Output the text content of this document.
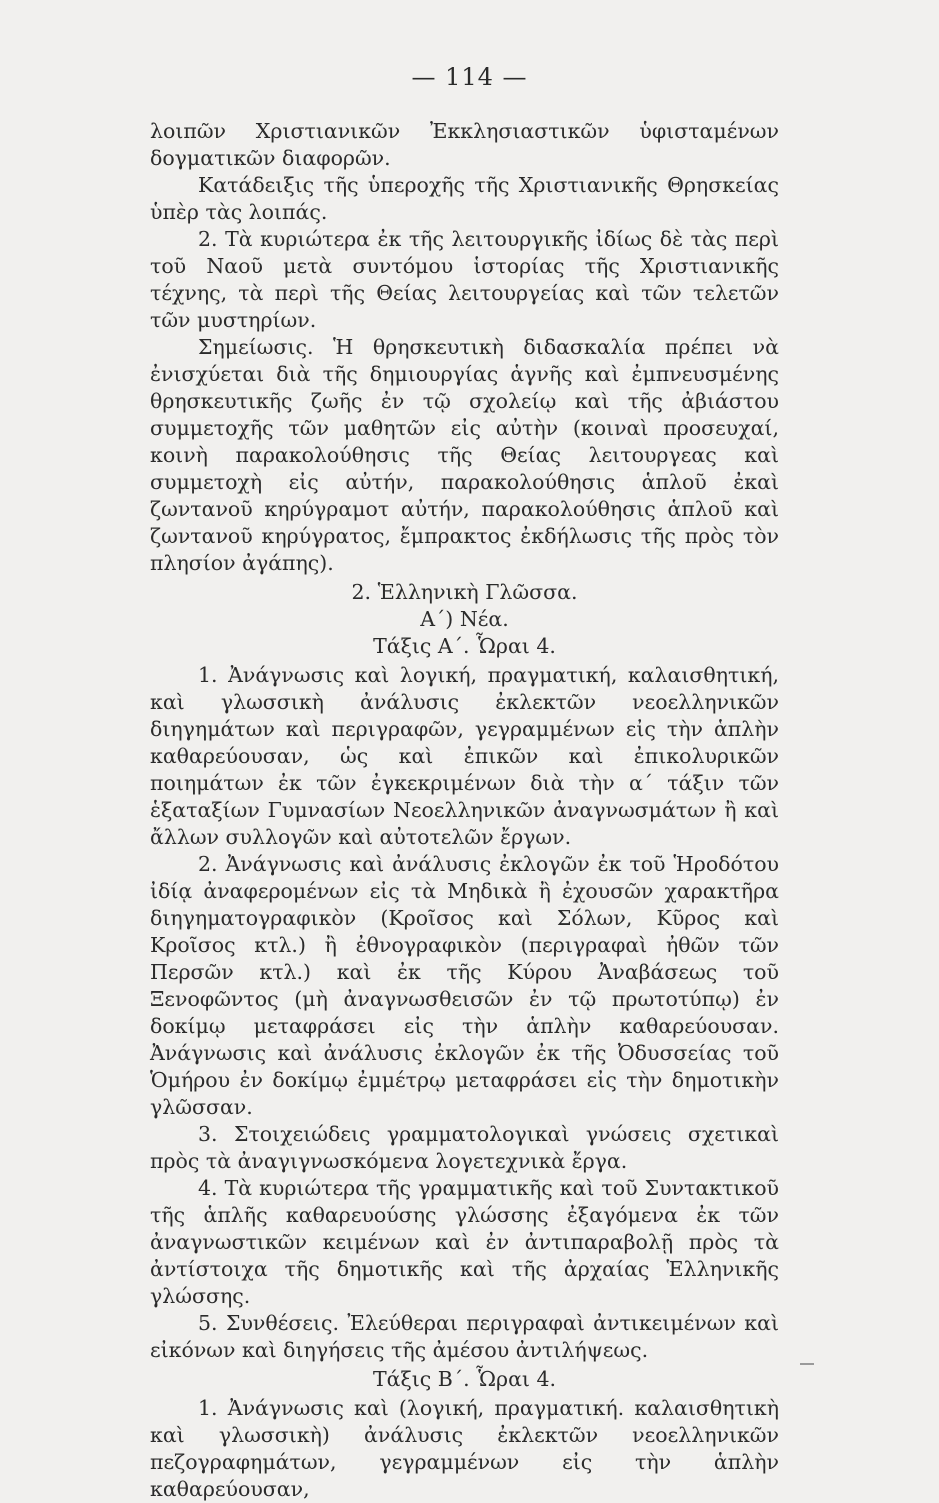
— 114 —

λοιπῶν Χριστιανικῶν Ἐκκλησιαστικῶν ὑφισταμένων δογματικῶν διαφορῶν.

Κατάδειξις τῆς ὑπεροχῆς τῆς Χριστιανικῆς Θρησκείας ὑπὲρ τὰς λοιπάς.

2. Τὰ κυριώτερα ἐκ τῆς λειτουργικῆς ἰδίως δὲ τὰς περὶ τοῦ Ναοῦ μετὰ συντόμου ἱστορίας τῆς Χριστιανικῆς τέχνης, τὰ περὶ τῆς Θείας λειτουργείας καὶ τῶν τελετῶν τῶν μυστηρίων.

Σημείωσις. Ἡ θρησκευτικὴ διδασκαλία πρέπει νὰ ἐνισχύεται διὰ τῆς δημιουργίας ἁγνῆς καὶ ἐμπνευσμένης θρησκευτικῆς ζωῆς ἐν τῷ σχολείῳ καὶ τῆς ἀβιάστου συμμετοχῆς τῶν μαθητῶν εἰς αὐτὴν (κοιναὶ προσευχαί, κοινὴ παρακολούθησις τῆς Θείας λειτουργεας καὶ συμμετοχὴ εἰς αὐτήν, παρακολούθησις ἁπλοῦ ἐκαὶ ζωντανοῦ κηρύγραμοτ αὐτήν, παρακολούθησις ἁπλοῦ καὶ ζωντανοῦ κηρύγρατος, ἔμπρακτος ἐκδήλωσις τῆς πρὸς τὸν πλησίον ἀγάπης).

2. Ἑλληνικὴ Γλῶσσα.

Α΄) Νέα.

Τάξις Α΄. Ὧραι 4.

1. Ἀνάγνωσις καὶ λογική, πραγματική, καλαισθητική, καὶ γλωσσικὴ ἀνάλυσις ἐκλεκτῶν νεοελληνικῶν διηγημάτων καὶ περιγραφῶν, γεγραμμένων εἰς τὴν ἁπλὴν καθαρεύουσαν, ὡς καὶ ἐπικῶν καὶ ἐπικολυρικῶν ποιημάτων ἐκ τῶν ἐγκεκριμένων διὰ τὴν α΄ τάξιν τῶν ἑξαταξίων Γυμνασίων Νεοελληνικῶν ἀναγνωσμάτων ἢ καὶ ἄλλων συλλογῶν καὶ αὐτοτελῶν ἔργων.

2. Ἀνάγνωσις καὶ ἀνάλυσις ἐκλογῶν ἐκ τοῦ Ἡροδότου ἰδίᾳ ἀναφερομένων εἰς τὰ Μηδικὰ ἢ ἐχουσῶν χαρακτῆρα διηγηματογραφικὸν (Κροῖσος καὶ Σόλων, Κῦρος καὶ Κροῖσος κτλ.) ἢ ἐθνογραφικὸν (περιγραφαὶ ἠθῶν τῶν Περσῶν κτλ.) καὶ ἐκ τῆς Κύρου Ἀναβάσεως τοῦ Ξενοφῶντος (μὴ ἀναγνωσθεισῶν ἐν τῷ πρωτοτύπῳ) ἐν δοκίμῳ μεταφράσει εἰς τὴν ἁπλὴν καθαρεύουσαν. Ἀνάγνωσις καὶ ἀνάλυσις ἐκλογῶν ἐκ τῆς Ὀδυσσείας τοῦ Ὁμήρου ἐν δοκίμῳ ἐμμέτρῳ μεταφράσει εἰς τὴν δημοτικὴν γλῶσσαν.

3. Στοιχειώδεις γραμματολογικαὶ γνώσεις σχετικαὶ πρὸς τὰ ἀναγιγνωσκόμενα λογετεχνικὰ ἔργα.

4. Τὰ κυριώτερα τῆς γραμματικῆς καὶ τοῦ Συντακτικοῦ τῆς ἁπλῆς καθαρευούσης γλώσσης ἐξαγόμενα ἐκ τῶν ἀναγνωστικῶν κειμένων καὶ ἐν ἀντιπαραβολῇ πρὸς τὰ ἀντίστοιχα τῆς δημοτικῆς καὶ τῆς ἀρχαίας Ἑλληνικῆς γλώσσης.

5. Συνθέσεις. Ἐλεύθεραι περιγραφαὶ ἀντικειμένων καὶ εἰκόνων καὶ διηγήσεις τῆς ἀμέσου ἀντιλήψεως.

Τάξις Β΄. Ὧραι 4.

1. Ἀνάγνωσις καὶ (λογική, πραγματική. καλαισθητικὴ καὶ γλωσσικὴ) ἀνάλυσις ἐκλεκτῶν νεοελληνικῶν πεζογραφημάτων, γεγραμμένων εἰς τὴν ἁπλὴν καθαρεύουσαν,
